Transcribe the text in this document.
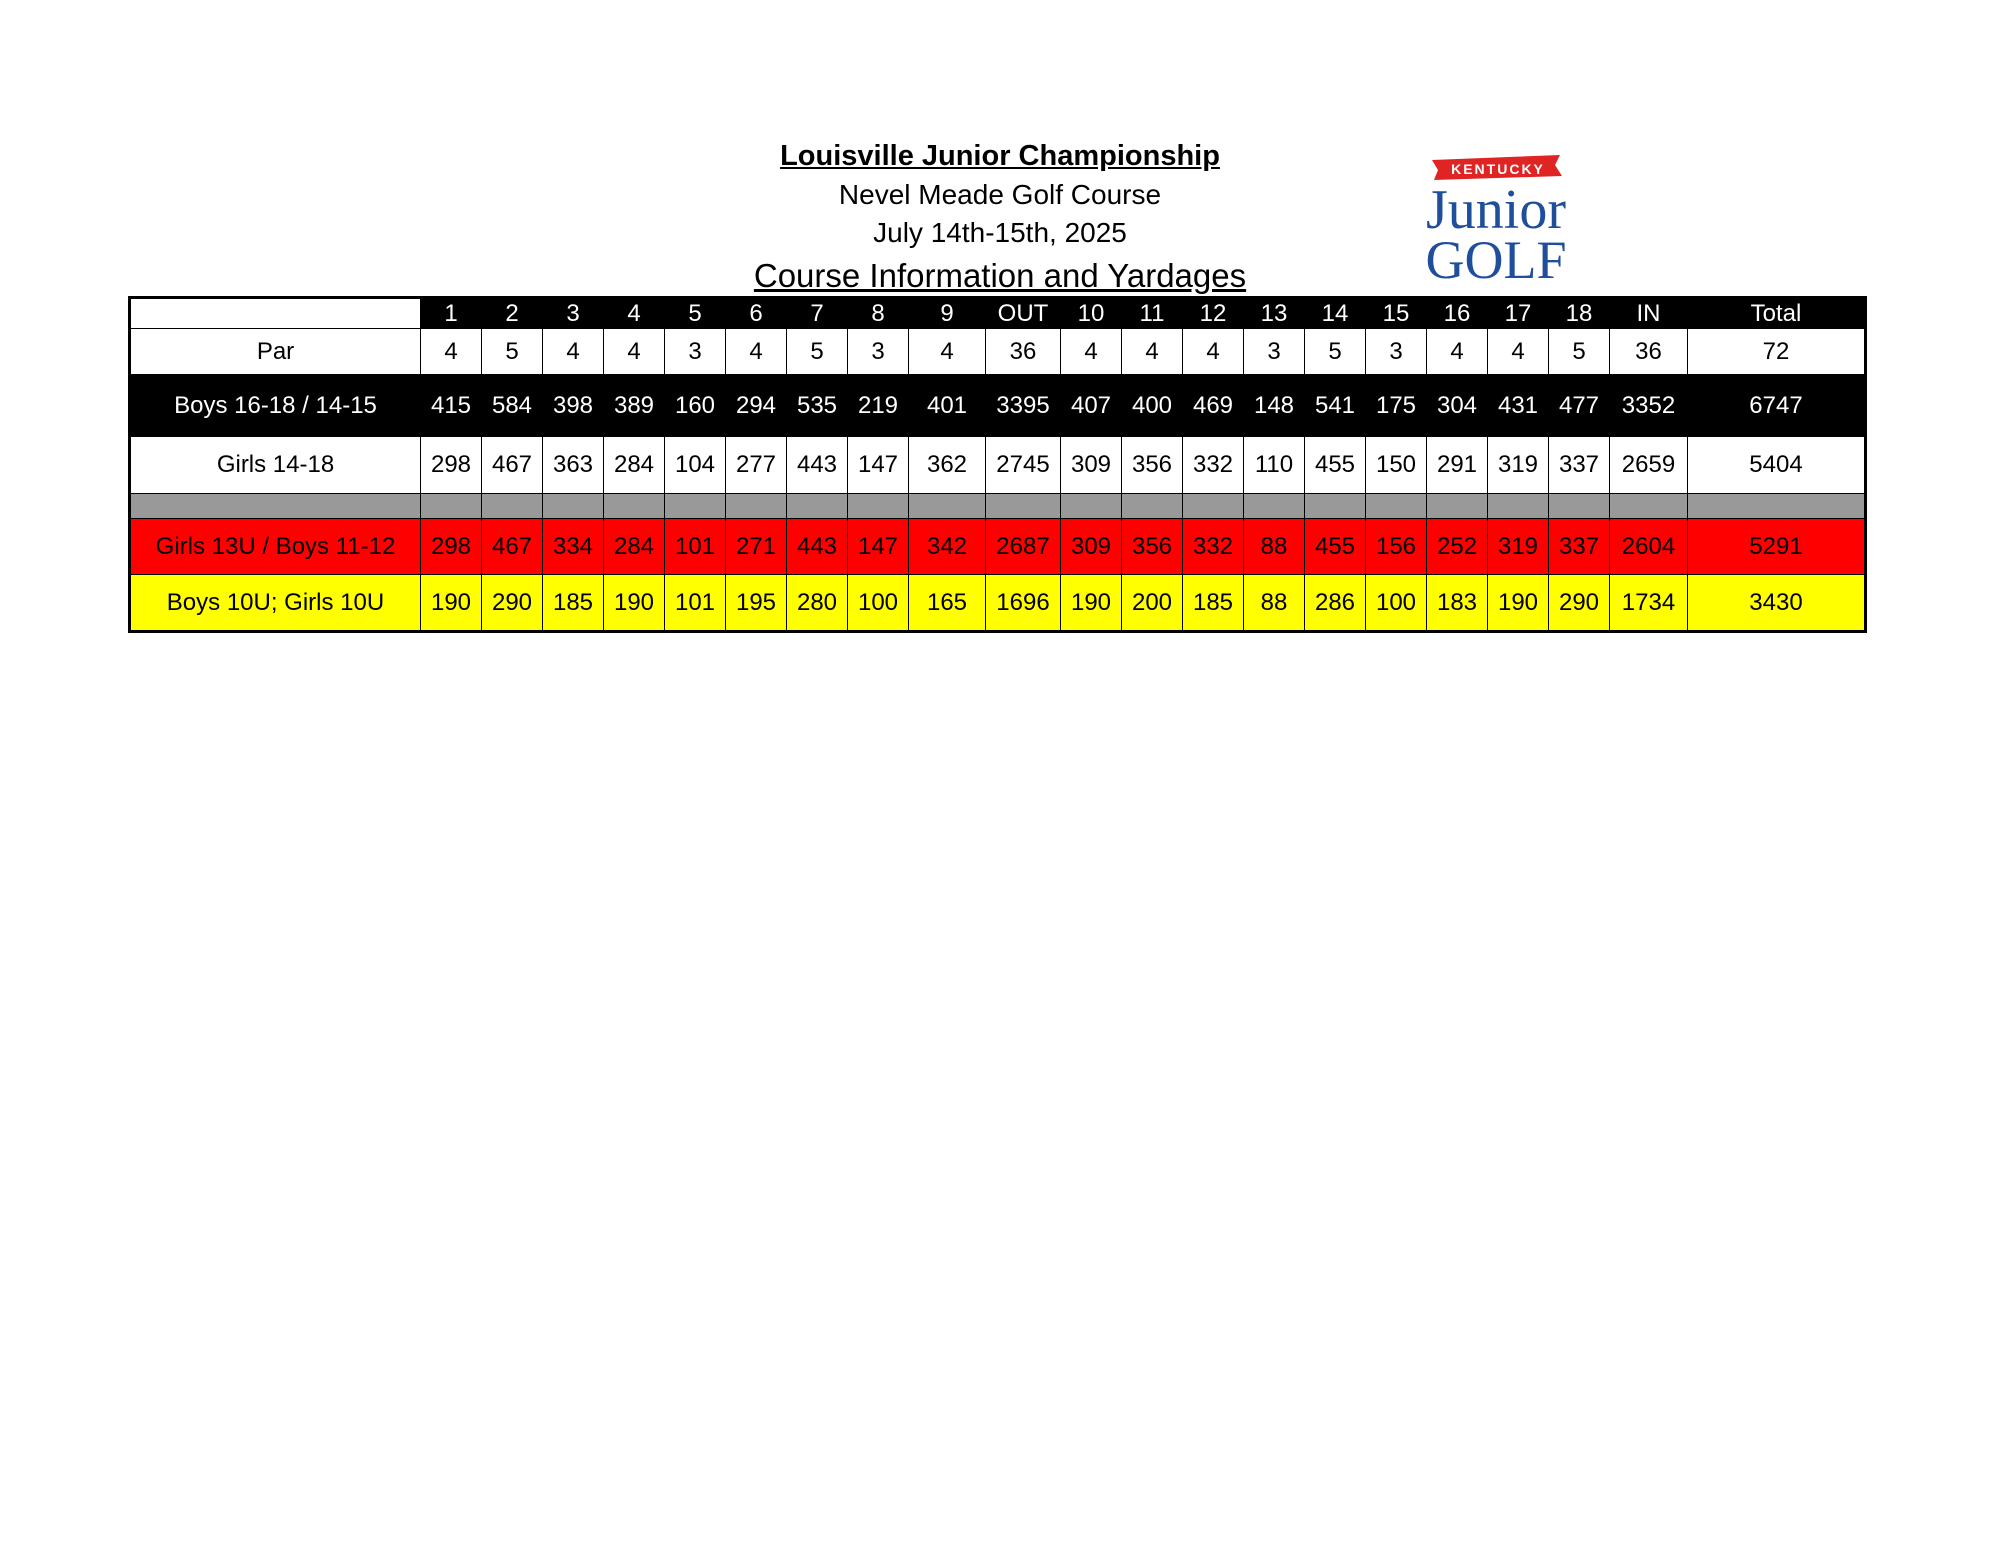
Louisville Junior Championship
Nevel Meade Golf Course
July 14th-15th, 2025
Course Information and Yardages
KENTUCKY
Junior
GOLF
	1	2	3	4	5	6	7	8	9	OUT	10	11	12	13	14	15	16	17	18	IN	Total
Par	4	5	4	4	3	4	5	3	4	36	4	4	4	3	5	3	4	4	5	36	72
Boys 16-18 / 14-15	415	584	398	389	160	294	535	219	401	3395	407	400	469	148	541	175	304	431	477	3352	6747
Girls 14-18	298	467	363	284	104	277	443	147	362	2745	309	356	332	110	455	150	291	319	337	2659	5404

Girls 13U / Boys 11-12	298	467	334	284	101	271	443	147	342	2687	309	356	332	88	455	156	252	319	337	2604	5291
Boys 10U; Girls 10U	190	290	185	190	101	195	280	100	165	1696	190	200	185	88	286	100	183	190	290	1734	3430
